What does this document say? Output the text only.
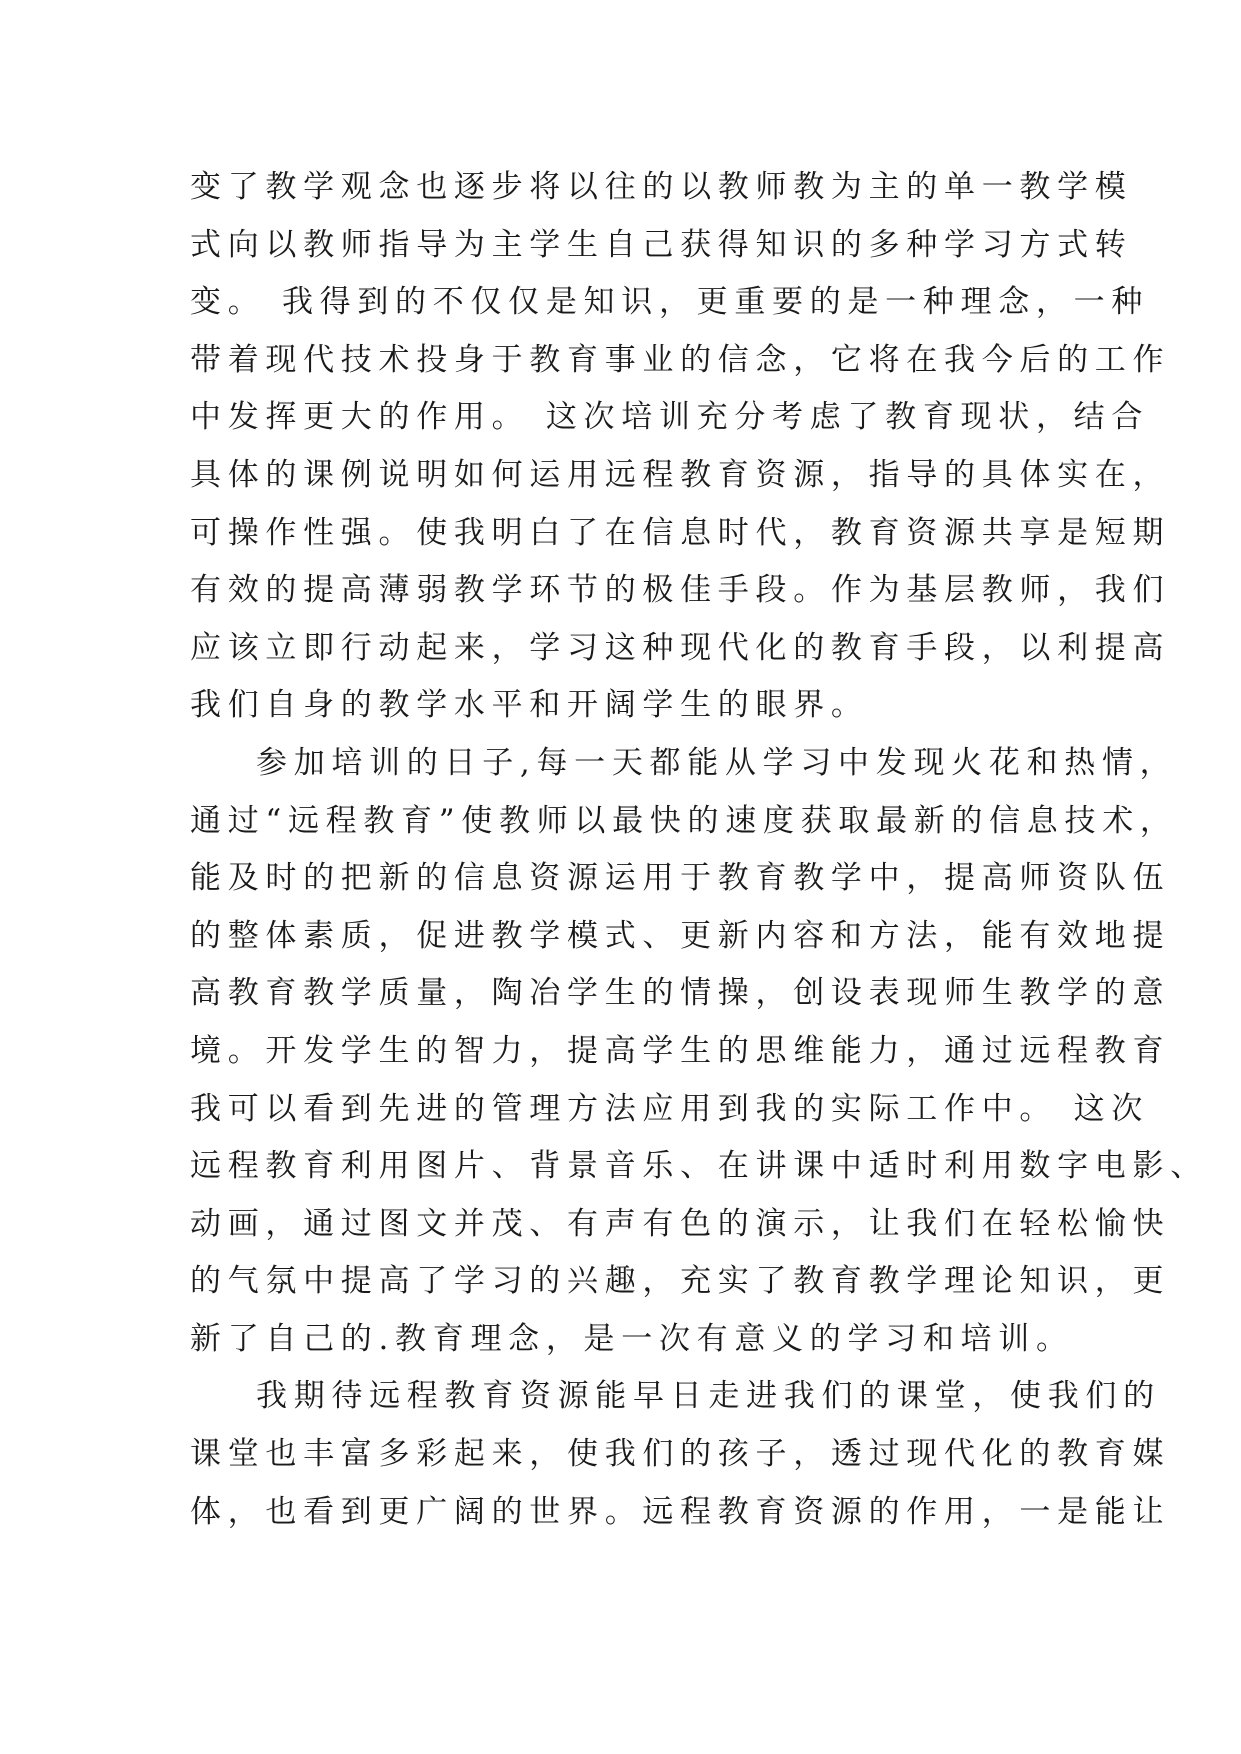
变了教学观念也逐步将以往的以教师教为主的单一教学模
式向以教师指导为主学生自己获得知识的多种学习方式转
变。 我得到的不仅仅是知识，更重要的是一种理念，一种
带着现代技术投身于教育事业的信念，它将在我今后的工作
中发挥更大的作用。 这次培训充分考虑了教育现状，结合
具体的课例说明如何运用远程教育资源，指导的具体实在，
可操作性强。使我明白了在信息时代，教育资源共享是短期
有效的提高薄弱教学环节的极佳手段。作为基层教师，我们
应该立即行动起来，学习这种现代化的教育手段，以利提高
我们自身的教学水平和开阔学生的眼界。
参加培训的日子,每一天都能从学习中发现火花和热情，
通过“远程教育”使教师以最快的速度获取最新的信息技术，
能及时的把新的信息资源运用于教育教学中，提高师资队伍
的整体素质，促进教学模式、更新内容和方法，能有效地提
高教育教学质量，陶冶学生的情操，创设表现师生教学的意
境。开发学生的智力，提高学生的思维能力，通过远程教育
我可以看到先进的管理方法应用到我的实际工作中。 这次
远程教育利用图片、背景音乐、在讲课中适时利用数字电影、
动画，通过图文并茂、有声有色的演示，让我们在轻松愉快
的气氛中提高了学习的兴趣，充实了教育教学理论知识，更
新了自己的.教育理念，是一次有意义的学习和培训。
我期待远程教育资源能早日走进我们的课堂，使我们的
课堂也丰富多彩起来，使我们的孩子，透过现代化的教育媒
体，也看到更广阔的世界。远程教育资源的作用，一是能让
